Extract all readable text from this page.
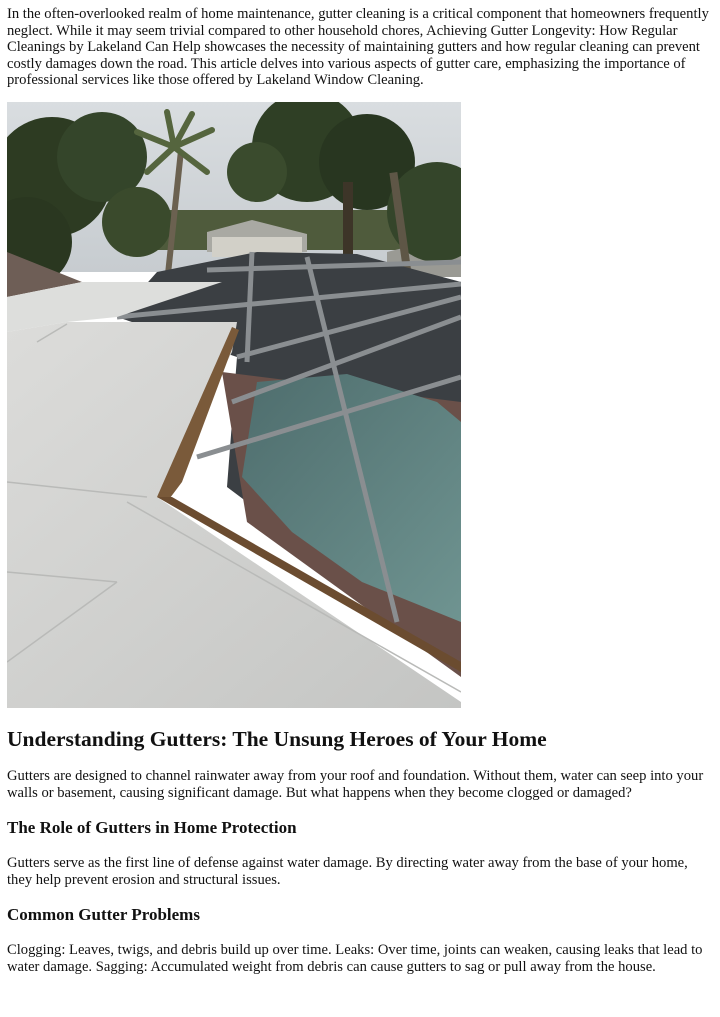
In the often-overlooked realm of home maintenance, gutter cleaning is a critical component that homeowners frequently neglect. While it may seem trivial compared to other household chores, Achieving Gutter Longevity: How Regular Cleanings by Lakeland Can Help showcases the necessity of maintaining gutters and how regular cleaning can prevent costly damages down the road. This article delves into various aspects of gutter care, emphasizing the importance of professional services like those offered by Lakeland Window Cleaning.

Understanding Gutters: The Unsung Heroes of Your Home

Gutters are designed to channel rainwater away from your roof and foundation. Without them, water can seep into your walls or basement, causing significant damage. But what happens when they become clogged or damaged?

The Role of Gutters in Home Protection

Gutters serve as the first line of defense against water damage. By directing water away from the base of your home, they help prevent erosion and structural issues.

Common Gutter Problems

Clogging: Leaves, twigs, and debris build up over time. Leaks: Over time, joints can weaken, causing leaks that lead to water damage. Sagging: Accumulated weight from debris can cause gutters to sag or pull away from the house.
